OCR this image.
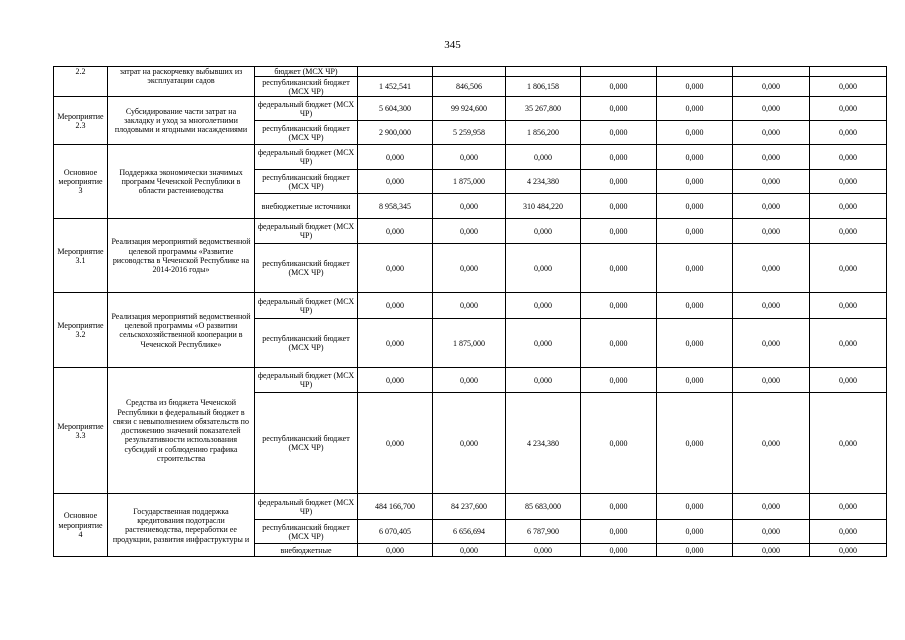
345
2.2	затрат на раскорчевку выбывших из эксплуатации садов	бюджет (МСХ ЧР)							
		республиканский бюджет (МСХ ЧР)	1 452,541	846,506	1 806,158	0,000	0,000	0,000	0,000
Мероприятие 2.3	Субсидирование части затрат на закладку и уход за многолетними плодовыми и ягодными насаждениями	федеральный бюджет (МСХ ЧР)	5 604,300	99 924,600	35 267,800	0,000	0,000	0,000	0,000
		республиканский бюджет (МСХ ЧР)	2 900,000	5 259,958	1 856,200	0,000	0,000	0,000	0,000
Основное мероприятие 3	Поддержка экономически значимых программ Чеченской Республики в области растениеводства	федеральный бюджет (МСХ ЧР)	0,000	0,000	0,000	0,000	0,000	0,000	0,000
		республиканский бюджет (МСХ ЧР)	0,000	1 875,000	4 234,380	0,000	0,000	0,000	0,000
		внебюджетные источники	8 958,345	0,000	310 484,220	0,000	0,000	0,000	0,000
Мероприятие 3.1	Реализация мероприятий ведомственной целевой программы «Развитие рисоводства в Чеченской Республике на 2014-2016 годы»	федеральный бюджет (МСХ ЧР)	0,000	0,000	0,000	0,000	0,000	0,000	0,000
		республиканский бюджет (МСХ ЧР)	0,000	0,000	0,000	0,000	0,000	0,000	0,000
Мероприятие 3.2	Реализация мероприятий ведомственной целевой программы «О развитии сельскохозяйственной кооперации в Чеченской Республике»	федеральный бюджет (МСХ ЧР)	0,000	0,000	0,000	0,000	0,000	0,000	0,000
		республиканский бюджет (МСХ ЧР)	0,000	1 875,000	0,000	0,000	0,000	0,000	0,000
Мероприятие 3.3	Средства из бюджета Чеченской Республики в федеральный бюджет в связи с невыполнением обязательств по достижению значений показателей результативности использования субсидий и соблюдению графика строительства	федеральный бюджет (МСХ ЧР)	0,000	0,000	0,000	0,000	0,000	0,000	0,000
		республиканский бюджет (МСХ ЧР)	0,000	0,000	4 234,380	0,000	0,000	0,000	0,000
Основное мероприятие 4	Государственная поддержка кредитования подотрасли растениеводства, переработки ее продукции, развития инфраструктуры и	федеральный бюджет (МСХ ЧР)	484 166,700	84 237,600	85 683,000	0,000	0,000	0,000	0,000
		республиканский бюджет (МСХ ЧР)	6 070,405	6 656,694	6 787,900	0,000	0,000	0,000	0,000
		внебюджетные	0,000	0,000	0,000	0,000	0,000	0,000	0,000
